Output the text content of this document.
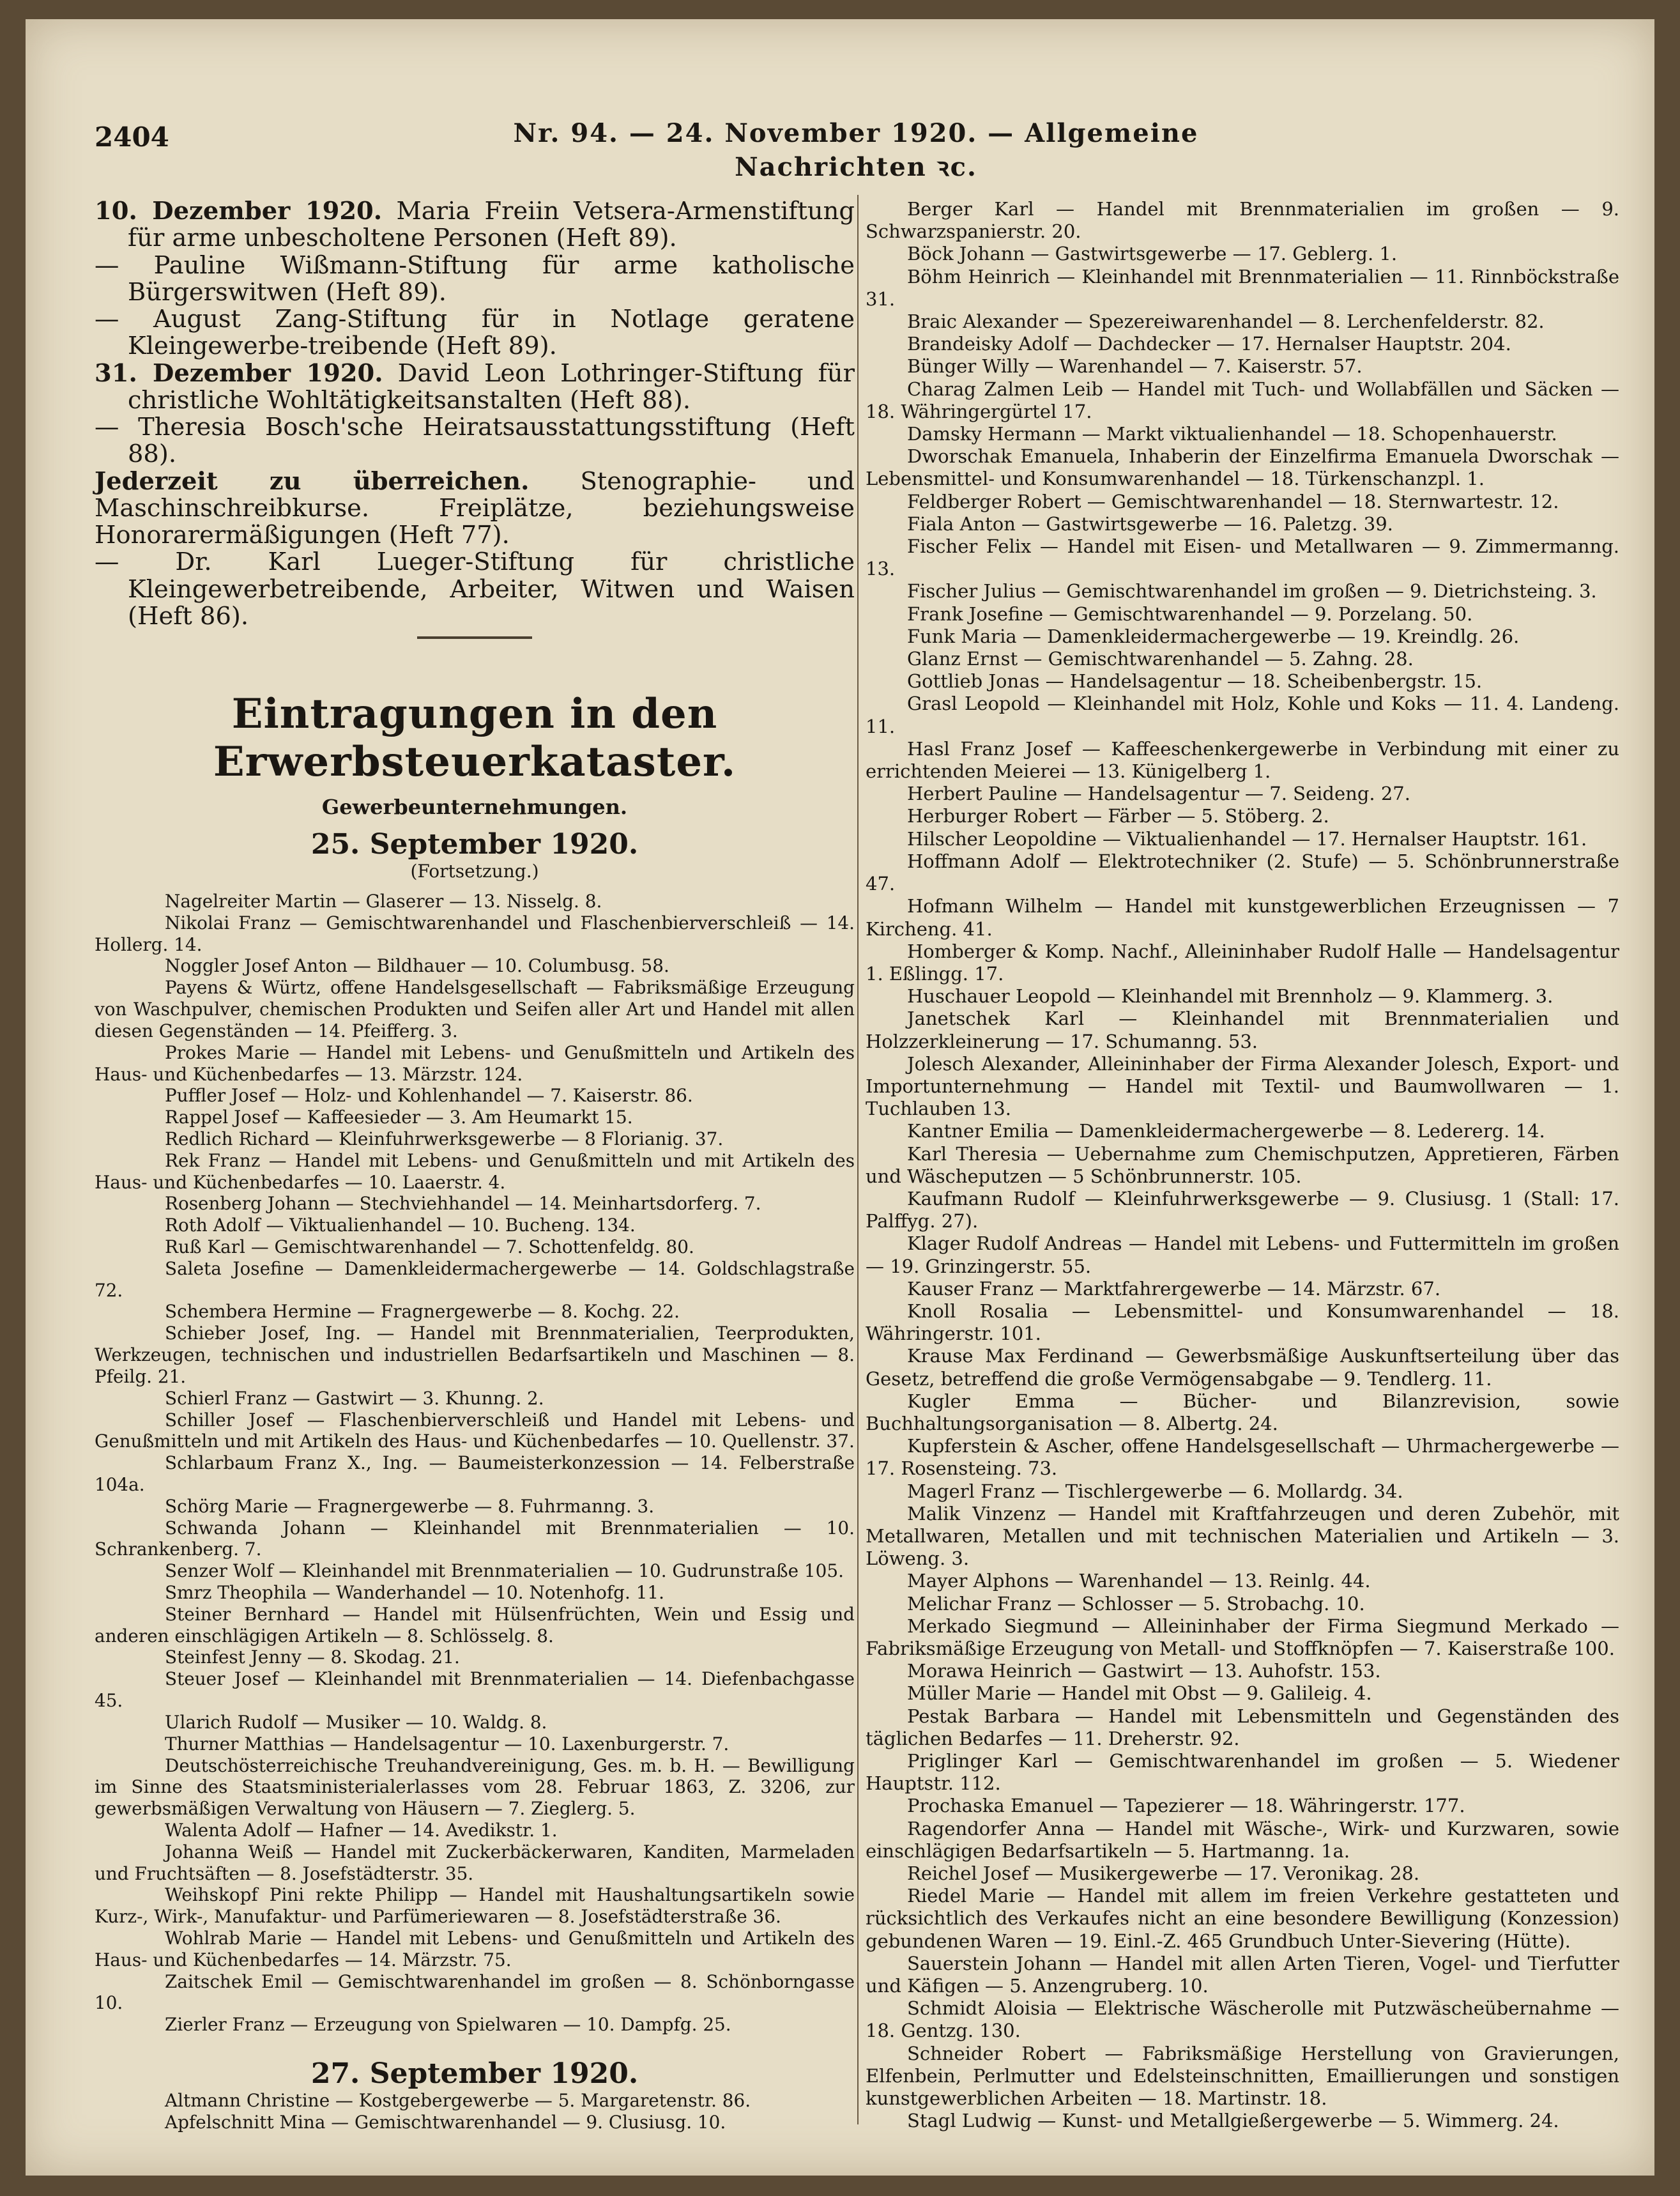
2404	Nr. 94. — 24. November 1920. — Allgemeine Nachrichten ꝛc.
10. Dezember 1920. Maria Freiin Vetsera-Armenstiftung für arme unbescholtene Personen (Heft 89).
— Pauline Wißmann-Stiftung für arme katholische Bürgerswitwen (Heft 89).
— August Zang-Stiftung für in Notlage geratene Kleingewerbe-treibende (Heft 89).
31. Dezember 1920. David Leon Lothringer-Stiftung für christliche Wohltätigkeitsanstalten (Heft 88).
— Theresia Bosch'sche Heiratsausstattungsstiftung (Heft 88).
Jederzeit zu überreichen. Stenographie- und Maschinschreibkurse. Freiplätze, beziehungsweise Honorarermäßigungen (Heft 77).
— Dr. Karl Lueger-Stiftung für christliche Kleingewerbetreibende, Arbeiter, Witwen und Waisen (Heft 86).
Eintragungen in den Erwerbsteuerkataster.
Gewerbeunternehmungen.
25. September 1920.
(Fortsetzung.)
Nagelreiter Martin — Glaserer — 13. Nisselg. 8.
Nikolai Franz — Gemischtwarenhandel und Flaschenbierverschleiß — 14. Hollerg. 14.
Noggler Josef Anton — Bildhauer — 10. Columbusg. 58.
Payens & Würtz, offene Handelsgesellschaft — Fabriksmäßige Erzeugung von Waschpulver, chemischen Produkten und Seifen aller Art und Handel mit allen diesen Gegenständen — 14. Pfeifferg. 3.
Prokes Marie — Handel mit Lebens- und Genußmitteln und Artikeln des Haus- und Küchenbedarfes — 13. Märzstr. 124.
Puffler Josef — Holz- und Kohlenhandel — 7. Kaiserstr. 86.
Rappel Josef — Kaffeesieder — 3. Am Heumarkt 15.
Redlich Richard — Kleinfuhrwerksgewerbe — 8 Florianig. 37.
Rek Franz — Handel mit Lebens- und Genußmitteln und mit Artikeln des Haus- und Küchenbedarfes — 10. Laaerstr. 4.
Rosenberg Johann — Stechviehhandel — 14. Meinhartsdorferg. 7.
Roth Adolf — Viktualienhandel — 10. Bucheng. 134.
Ruß Karl — Gemischtwarenhandel — 7. Schottenfeldg. 80.
Saleta Josefine — Damenkleidermachergewerbe — 14. Goldschlagstraße 72.
Schembera Hermine — Fragnergewerbe — 8. Kochg. 22.
Schieber Josef, Ing. — Handel mit Brennmaterialien, Teerprodukten, Werkzeugen, technischen und industriellen Bedarfsartikeln und Maschinen — 8. Pfeilg. 21.
Schierl Franz — Gastwirt — 3. Khunng. 2.
Schiller Josef — Flaschenbierverschleiß und Handel mit Lebens- und Genußmitteln und mit Artikeln des Haus- und Küchenbedarfes — 10. Quellenstr. 37.
Schlarbaum Franz X., Ing. — Baumeisterkonzession — 14. Felberstraße 104a.
Schörg Marie — Fragnergewerbe — 8. Fuhrmanng. 3.
Schwanda Johann — Kleinhandel mit Brennmaterialien — 10. Schrankenberg. 7.
Senzer Wolf — Kleinhandel mit Brennmaterialien — 10. Gudrunstraße 105.
Smrz Theophila — Wanderhandel — 10. Notenhofg. 11.
Steiner Bernhard — Handel mit Hülsenfrüchten, Wein und Essig und anderen einschlägigen Artikeln — 8. Schlösselg. 8.
Steinfest Jenny — 8. Skodag. 21.
Steuer Josef — Kleinhandel mit Brennmaterialien — 14. Diefenbachgasse 45.
Ularich Rudolf — Musiker — 10. Waldg. 8.
Thurner Matthias — Handelsagentur — 10. Laxenburgerstr. 7.
Deutschösterreichische Treuhandvereinigung, Ges. m. b. H. — Bewilligung im Sinne des Staatsministerialerlasses vom 28. Februar 1863, Z. 3206, zur gewerbsmäßigen Verwaltung von Häusern — 7. Zieglerg. 5.
Walenta Adolf — Hafner — 14. Avedikstr. 1.
Johanna Weiß — Handel mit Zuckerbäckerwaren, Kanditen, Marmeladen und Fruchtsäften — 8. Josefstädterstr. 35.
Weihskopf Pini rekte Philipp — Handel mit Haushaltungsartikeln sowie Kurz-, Wirk-, Manufaktur- und Parfümeriewaren — 8. Josefstädterstraße 36.
Wohlrab Marie — Handel mit Lebens- und Genußmitteln und Artikeln des Haus- und Küchenbedarfes — 14. Märzstr. 75.
Zaitschek Emil — Gemischtwarenhandel im großen — 8. Schönborngasse 10.
Zierler Franz — Erzeugung von Spielwaren — 10. Dampfg. 25.
27. September 1920.
Altmann Christine — Kostgebergewerbe — 5. Margaretenstr. 86.
Apfelschnitt Mina — Gemischtwarenhandel — 9. Clusiusg. 10.
Berger Karl — Handel mit Brennmaterialien im großen — 9. Schwarzspanierstr. 20.
Böck Johann — Gastwirtsgewerbe — 17. Geblerg. 1.
Böhm Heinrich — Kleinhandel mit Brennmaterialien — 11. Rinnböckstraße 31.
Braic Alexander — Spezereiwarenhandel — 8. Lerchenfelderstr. 82.
Brandeisky Adolf — Dachdecker — 17. Hernalser Hauptstr. 204.
Bünger Willy — Warenhandel — 7. Kaiserstr. 57.
Charag Zalmen Leib — Handel mit Tuch- und Wollabfällen und Säcken — 18. Währingergürtel 17.
Damsky Hermann — Markt viktualienhandel — 18. Schopenhauerstr.
Dworschak Emanuela, Inhaberin der Einzelfirma Emanuela Dworschak — Lebensmittel- und Konsumwarenhandel — 18. Türkenschanzpl. 1.
Feldberger Robert — Gemischtwarenhandel — 18. Sternwartestr. 12.
Fiala Anton — Gastwirtsgewerbe — 16. Paletzg. 39.
Fischer Felix — Handel mit Eisen- und Metallwaren — 9. Zimmermanng. 13.
Fischer Julius — Gemischtwarenhandel im großen — 9. Dietrichsteing. 3.
Frank Josefine — Gemischtwarenhandel — 9. Porzelang. 50.
Funk Maria — Damenkleidermachergewerbe — 19. Kreindlg. 26.
Glanz Ernst — Gemischtwarenhandel — 5. Zahng. 28.
Gottlieb Jonas — Handelsagentur — 18. Scheibenbergstr. 15.
Grasl Leopold — Kleinhandel mit Holz, Kohle und Koks — 11. 4. Landeng. 11.
Hasl Franz Josef — Kaffeeschenkergewerbe in Verbindung mit einer zu errichtenden Meierei — 13. Künigelberg 1.
Herbert Pauline — Handelsagentur — 7. Seideng. 27.
Herburger Robert — Färber — 5. Stöberg. 2.
Hilscher Leopoldine — Viktualienhandel — 17. Hernalser Hauptstr. 161.
Hoffmann Adolf — Elektrotechniker (2. Stufe) — 5. Schönbrunnerstraße 47.
Hofmann Wilhelm — Handel mit kunstgewerblichen Erzeugnissen — 7 Kircheng. 41.
Homberger & Komp. Nachf., Alleininhaber Rudolf Halle — Handelsagentur 1. Eßlingg. 17.
Huschauer Leopold — Kleinhandel mit Brennholz — 9. Klammerg. 3.
Janetschek Karl — Kleinhandel mit Brennmaterialien und Holzzerkleinerung — 17. Schumanng. 53.
Jolesch Alexander, Alleininhaber der Firma Alexander Jolesch, Export- und Importunternehmung — Handel mit Textil- und Baumwollwaren — 1. Tuchlauben 13.
Kantner Emilia — Damenkleidermachergewerbe — 8. Ledererg. 14.
Karl Theresia — Uebernahme zum Chemischputzen, Appretieren, Färben und Wäscheputzen — 5 Schönbrunnerstr. 105.
Kaufmann Rudolf — Kleinfuhrwerksgewerbe — 9. Clusiusg. 1 (Stall: 17. Palffyg. 27).
Klager Rudolf Andreas — Handel mit Lebens- und Futtermitteln im großen — 19. Grinzingerstr. 55.
Kauser Franz — Marktfahrergewerbe — 14. Märzstr. 67.
Knoll Rosalia — Lebensmittel- und Konsumwarenhandel — 18. Währingerstr. 101.
Krause Max Ferdinand — Gewerbsmäßige Auskunftserteilung über das Gesetz, betreffend die große Vermögensabgabe — 9. Tendlerg. 11.
Kugler Emma — Bücher- und Bilanzrevision, sowie Buchhaltungsorganisation — 8. Albertg. 24.
Kupferstein & Ascher, offene Handelsgesellschaft — Uhrmachergewerbe — 17. Rosensteing. 73.
Magerl Franz — Tischlergewerbe — 6. Mollardg. 34.
Malik Vinzenz — Handel mit Kraftfahrzeugen und deren Zubehör, mit Metallwaren, Metallen und mit technischen Materialien und Artikeln — 3. Löweng. 3.
Mayer Alphons — Warenhandel — 13. Reinlg. 44.
Melichar Franz — Schlosser — 5. Strobachg. 10.
Merkado Siegmund — Alleininhaber der Firma Siegmund Merkado — Fabriksmäßige Erzeugung von Metall- und Stoffknöpfen — 7. Kaiserstraße 100.
Morawa Heinrich — Gastwirt — 13. Auhofstr. 153.
Müller Marie — Handel mit Obst — 9. Galileig. 4.
Pestak Barbara — Handel mit Lebensmitteln und Gegenständen des täglichen Bedarfes — 11. Dreherstr. 92.
Priglinger Karl — Gemischtwarenhandel im großen — 5. Wiedener Hauptstr. 112.
Prochaska Emanuel — Tapezierer — 18. Währingerstr. 177.
Ragendorfer Anna — Handel mit Wäsche-, Wirk- und Kurzwaren, sowie einschlägigen Bedarfsartikeln — 5. Hartmanng. 1a.
Reichel Josef — Musikergewerbe — 17. Veronikag. 28.
Riedel Marie — Handel mit allem im freien Verkehre gestatteten und rücksichtlich des Verkaufes nicht an eine besondere Bewilligung (Konzession) gebundenen Waren — 19. Einl.-Z. 465 Grundbuch Unter-Sievering (Hütte).
Sauerstein Johann — Handel mit allen Arten Tieren, Vogel- und Tierfutter und Käfigen — 5. Anzengruberg. 10.
Schmidt Aloisia — Elektrische Wäscherolle mit Putzwäscheübernahme — 18. Gentzg. 130.
Schneider Robert — Fabriksmäßige Herstellung von Gravierungen, Elfenbein, Perlmutter und Edelsteinschnitten, Emaillierungen und sonstigen kunstgewerblichen Arbeiten — 18. Martinstr. 18.
Stagl Ludwig — Kunst- und Metallgießergewerbe — 5. Wimmerg. 24.
